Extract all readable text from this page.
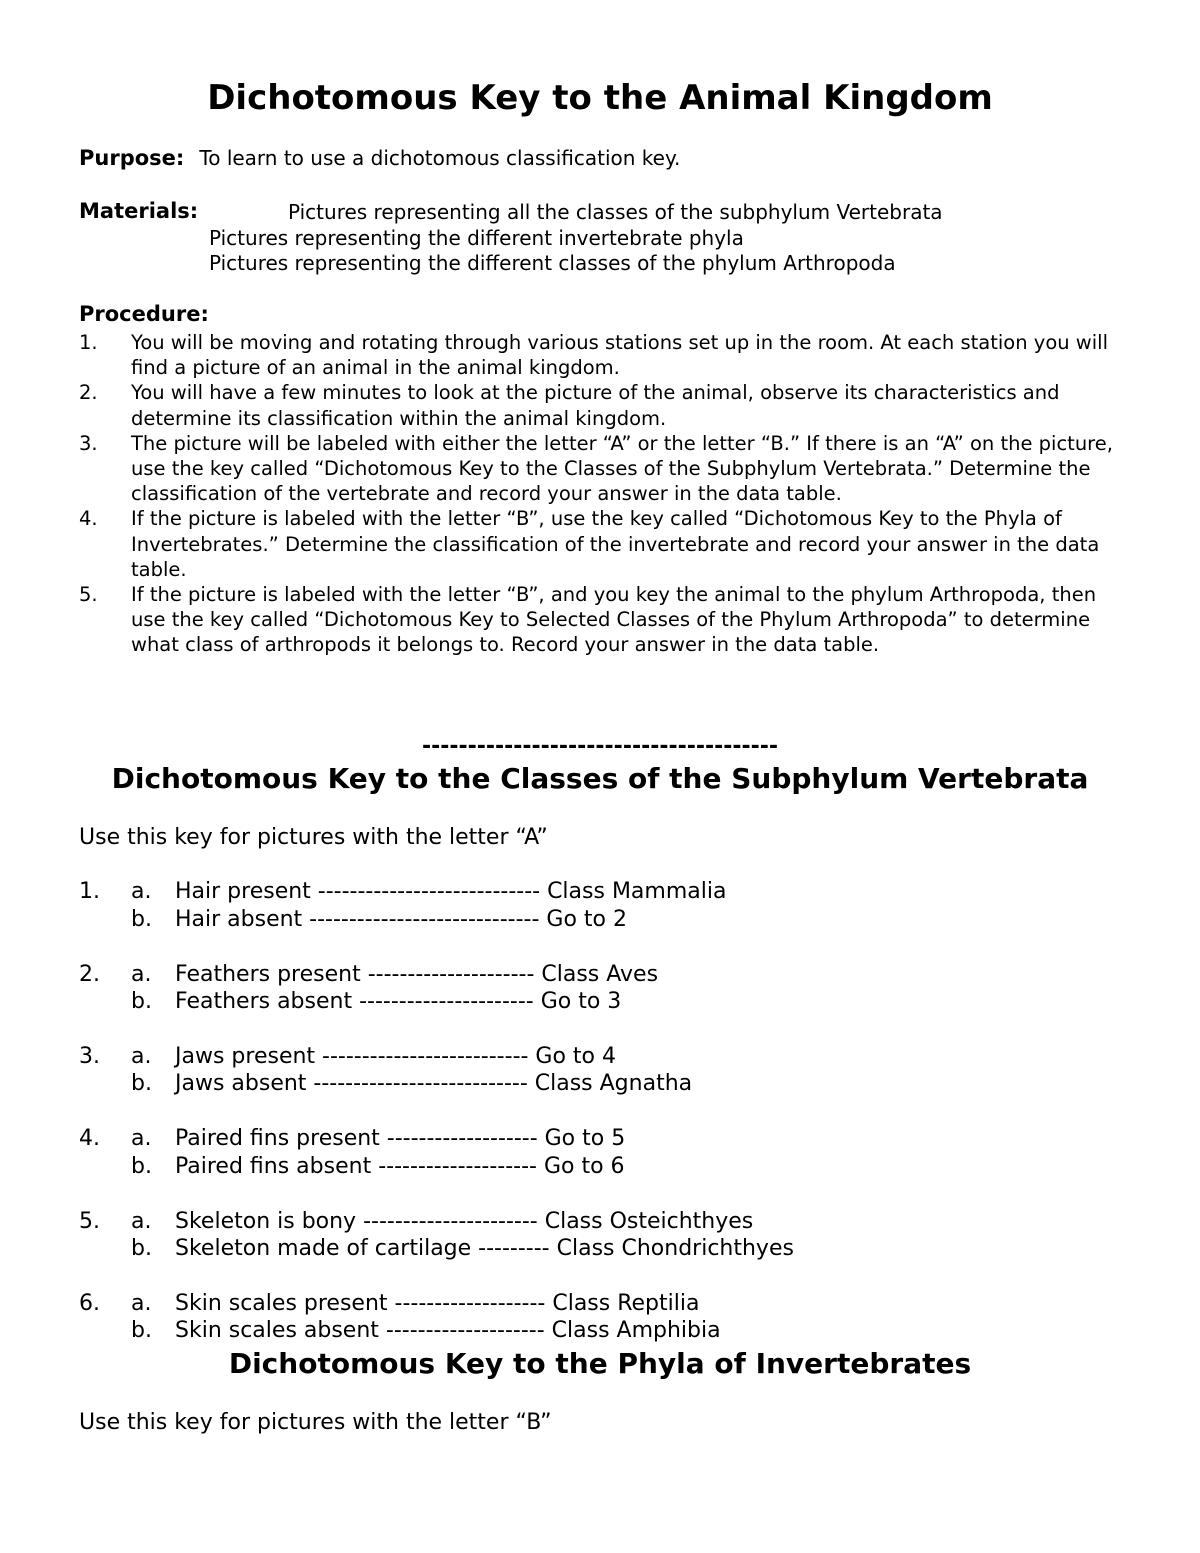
Dichotomous Key to the Animal Kingdom
Purpose: To learn to use a dichotomous classification key.
Materials:	Pictures representing all the classes of the subphylum Vertebrata
Pictures representing the different invertebrate phyla
Pictures representing the different classes of the phylum Arthropoda
Procedure:
1. You will be moving and rotating through various stations set up in the room. At each station you will find a picture of an animal in the animal kingdom.
2. You will have a few minutes to look at the picture of the animal, observe its characteristics and determine its classification within the animal kingdom.
3. The picture will be labeled with either the letter “A” or the letter “B.” If there is an “A” on the picture, use the key called “Dichotomous Key to the Classes of the Subphylum Vertebrata.” Determine the classification of the vertebrate and record your answer in the data table.
4. If the picture is labeled with the letter “B”, use the key called “Dichotomous Key to the Phyla of Invertebrates.” Determine the classification of the invertebrate and record your answer in the data table.
5. If the picture is labeled with the letter “B”, and you key the animal to the phylum Arthropoda, then use the key called “Dichotomous Key to Selected Classes of the Phylum Arthropoda” to determine what class of arthropods it belongs to. Record your answer in the data table.
---------------------------------------
Dichotomous Key to the Classes of the Subphylum Vertebrata
Use this key for pictures with the letter “A”
1. a. Hair present ---------------------------- Class Mammalia
b. Hair absent ----------------------------- Go to 2
2. a. Feathers present --------------------- Class Aves
b. Feathers absent ---------------------- Go to 3
3. a. Jaws present -------------------------- Go to 4
b. Jaws absent --------------------------- Class Agnatha
4. a. Paired fins present ------------------- Go to 5
b. Paired fins absent -------------------- Go to 6
5. a. Skeleton is bony ---------------------- Class Osteichthyes
b. Skeleton made of cartilage --------- Class Chondrichthyes
6. a. Skin scales present ------------------- Class Reptilia
b. Skin scales absent -------------------- Class Amphibia
Dichotomous Key to the Phyla of Invertebrates
Use this key for pictures with the letter “B”
